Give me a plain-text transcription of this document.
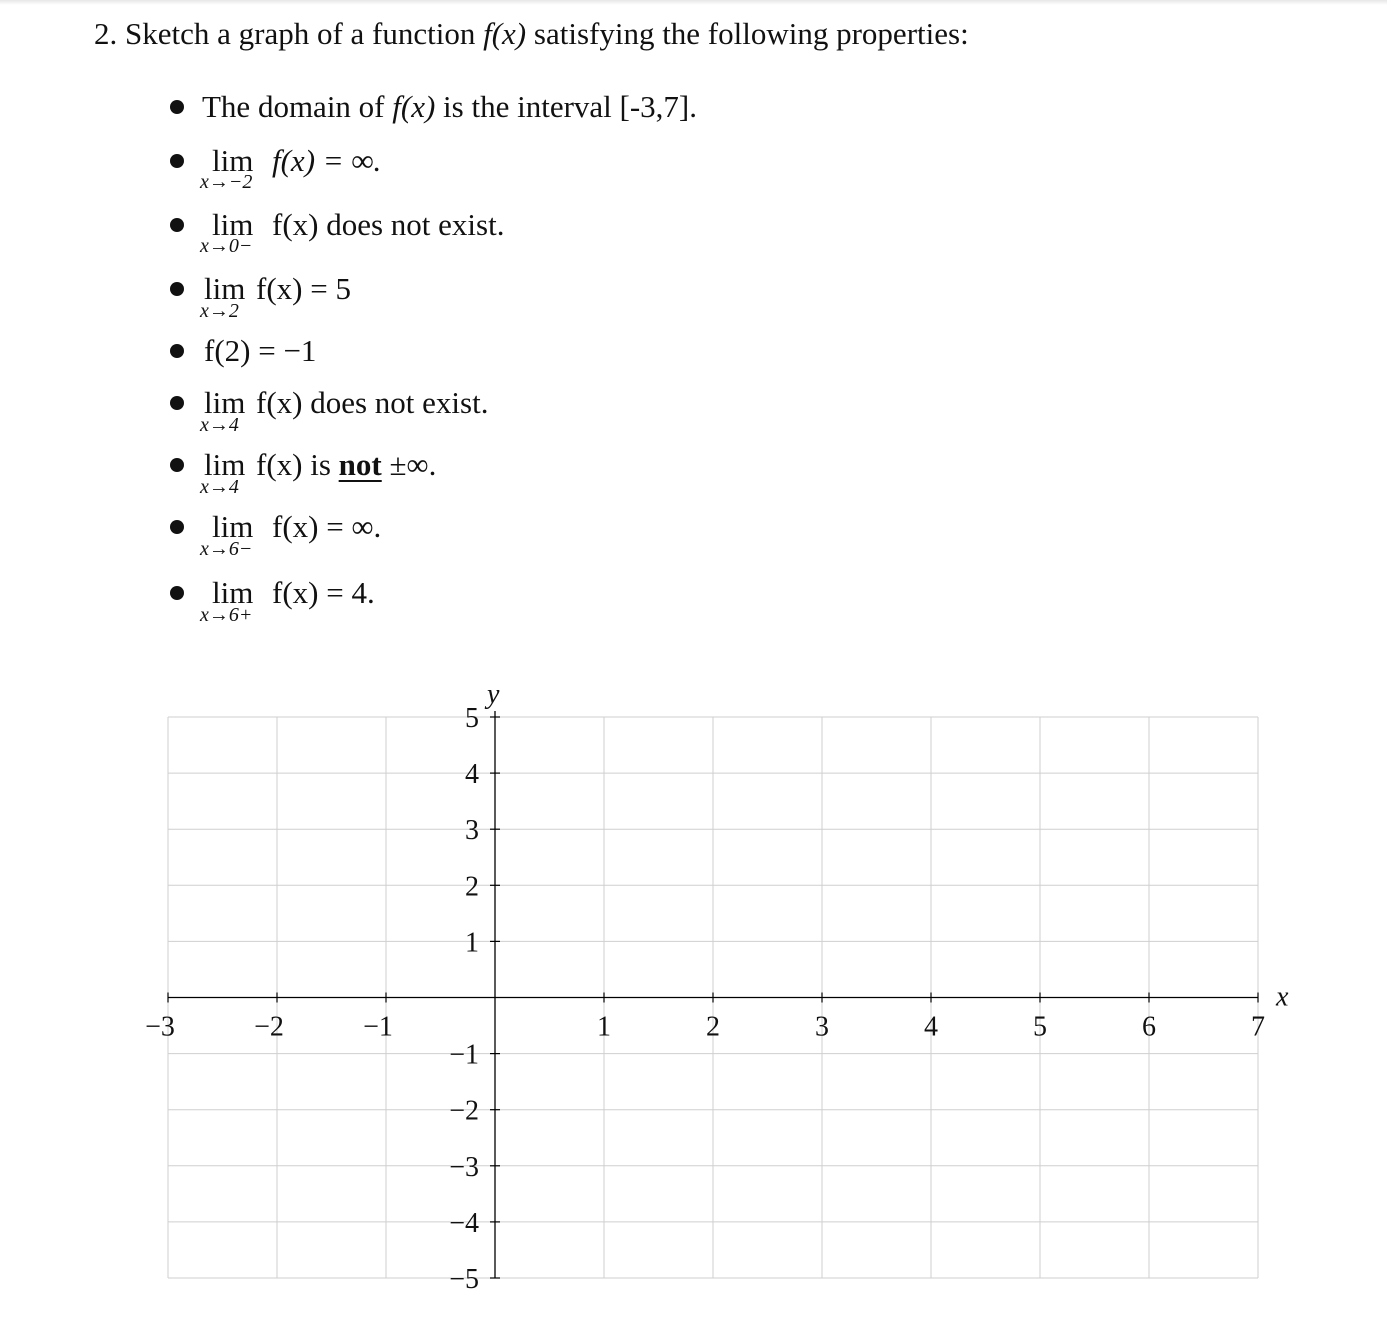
2. Sketch a graph of a function f(x) satisfying the following properties:
The domain of f(x) is the interval [-3,7].
lim
x→−2
f(x) = ∞.
lim
x→0−
f(x) does not exist.
lim
x→2
f(x) = 5
f(2) = −1
lim
x→4
f(x) does not exist.
lim
x→4
f(x) is not ±∞.
lim
x→6−
f(x) = ∞.
lim
x→6+
f(x) = 4.
−3	−2	−1	1	2	3	4	5	6	7
5
4
3
2
1
−1
−2
−3
−4
−5
x
y
